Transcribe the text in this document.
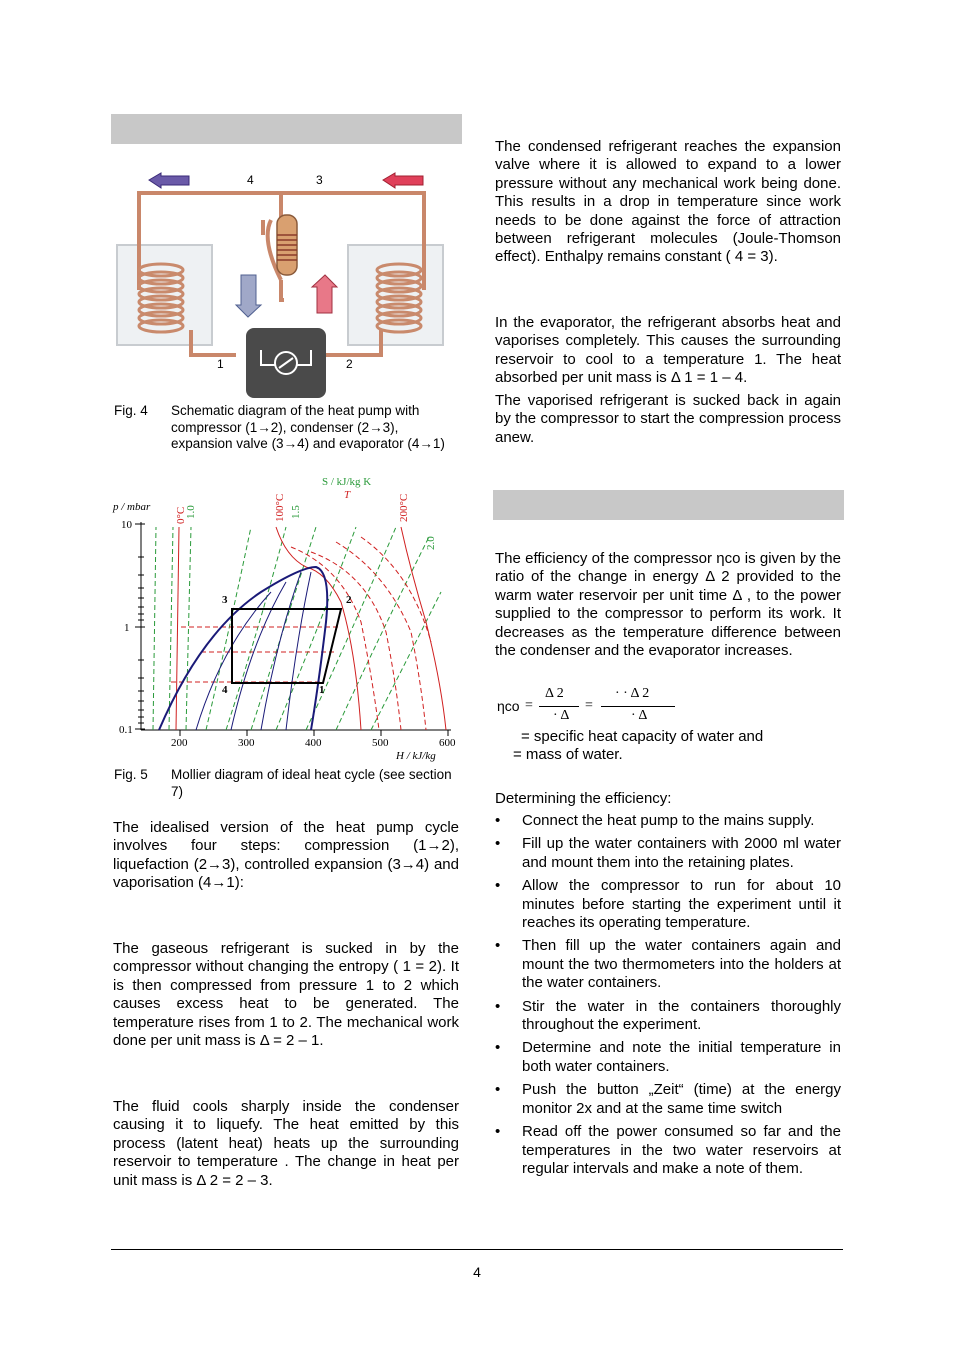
4	3
1	2
Fig. 4 Schematic diagram of the heat pump with compressor (1→2), condenser (2→3), expansion valve (3→4) and evaporator (4→1)
p / mbar
S / kJ/kg K
T
H / kJ/kg
10
1
0.1
200	300	400	500	600
0°C
1.0	100°C 1.5	200°C
2.0
3	2
4	1
Fig. 5 Mollier diagram of ideal heat cycle (see section 7)
The idealised version of the heat pump cycle involves four steps: compression (1→2), liquefaction (2→3), controlled expansion (3→4) and vaporisation (4→1):
The gaseous refrigerant is sucked in by the compressor without changing the entropy ( 1 = 2). It is then compressed from pressure 1 to 2 which causes excess heat to be generated. The temperature rises from 1 to 2. The mechanical work done per unit mass is Δ = 2 – 1.
The fluid cools sharply inside the condenser causing it to liquefy. The heat emitted by this process (latent heat) heats up the surrounding reservoir to temperature . The change in heat per unit mass is Δ 2 = 2 – 3.
The condensed refrigerant reaches the expansion valve where it is allowed to expand to a lower pressure without any mechanical work being done. This results in a drop in temperature since work needs to be done against the force of attraction between refrigerant molecules (Joule-Thomson effect). Enthalpy remains constant ( 4 = 3).
In the evaporator, the refrigerant absorbs heat and vaporises completely. This causes the surrounding reservoir to cool to a temperature 1. The heat absorbed per unit mass is Δ 1 = 1 – 4.
The vaporised refrigerant is sucked back in again by the compressor to start the compression process anew.
The efficiency of the compressor ηco is given by the ratio of the change in energy Δ 2 provided to the warm water reservoir per unit time Δ , to the power supplied to the compressor to perform its work. It decreases as the temperature difference between the condenser and the evaporator increases.
ηco =
Δ 2
· Δ
=
· · Δ 2
· Δ
= specific heat capacity of water and
= mass of water.
Determining the efficiency:
• Connect the heat pump to the mains supply.
• Fill up the water containers with 2000 ml water and mount them into the retaining plates.
• Allow the compressor to run for about 10 minutes before starting the experiment until it reaches its operating temperature.
• Then fill up the water containers again and mount the two thermometers into the holders at the water containers.
• Stir the water in the containers thoroughly throughout the experiment.
• Determine and note the initial temperature in both water containers.
• Push the button „Zeit“ (time) at the energy monitor 2x and at the same time switch
• Read off the power consumed so far and the temperatures in the two water reservoirs at regular intervals and make a note of them.
4
